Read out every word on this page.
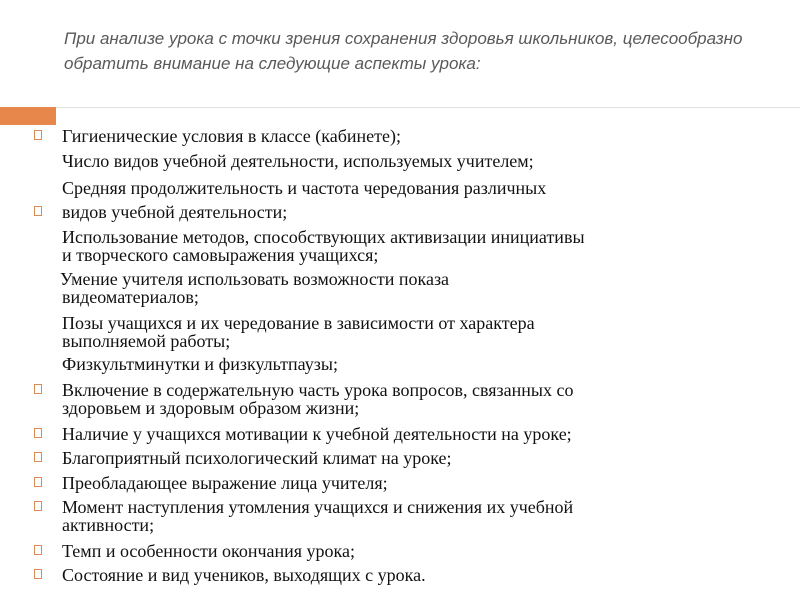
При анализе урока с точки зрения сохранения здоровья школьников, целесообразно обратить внимание на следующие аспекты урока:
Гигиенические условия в классе (кабинете);
Число видов учебной деятельности, используемых учителем;
Средняя продолжительность и частота чередования различных
видов учебной деятельности;
Использование методов, способствующих активизации инициативы
и творческого самовыражения учащихся;
Умение учителя использовать возможности показа
видеоматериалов;
Позы учащихся и их чередование в зависимости от характера
выполняемой работы;
Физкультминутки и физкультпаузы;
Включение в содержательную часть урока вопросов, связанных со
здоровьем и здоровым образом жизни;
Наличие у учащихся мотивации к учебной деятельности на уроке;
Благоприятный психологический климат на уроке;
Преобладающее выражение лица учителя;
Момент наступления утомления учащихся и снижения их учебной
активности;
Темп и особенности окончания урока;
Состояние и вид учеников, выходящих с урока.
